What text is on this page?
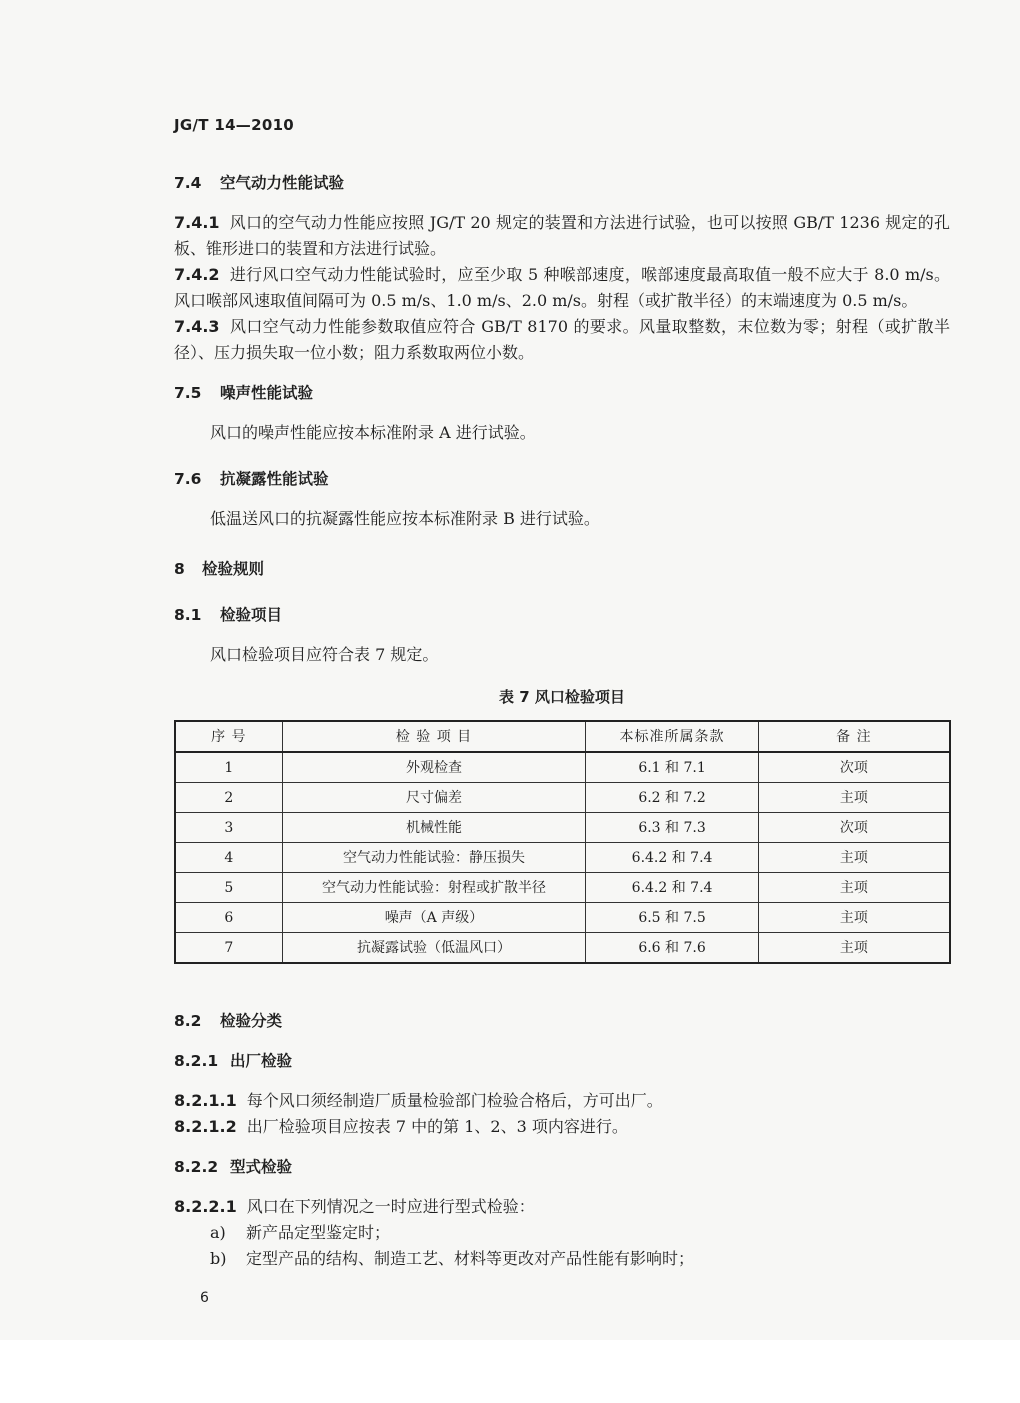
JG/T 14—2010

7.4 空气动力性能试验

7.4.1 风口的空气动力性能应按照 JG/T 20 规定的装置和方法进行试验，也可以按照 GB/T 1236 规定的孔板、锥形进口的装置和方法进行试验。

7.4.2 进行风口空气动力性能试验时，应至少取 5 种喉部速度，喉部速度最高取值一般不应大于 8.0 m/s。风口喉部风速取值间隔可为 0.5 m/s、1.0 m/s、2.0 m/s。射程（或扩散半径）的末端速度为 0.5 m/s。

7.4.3 风口空气动力性能参数取值应符合 GB/T 8170 的要求。风量取整数，末位数为零；射程（或扩散半径）、压力损失取一位小数；阻力系数取两位小数。

7.5 噪声性能试验

风口的噪声性能应按本标准附录 A 进行试验。

7.6 抗凝露性能试验

低温送风口的抗凝露性能应按本标准附录 B 进行试验。

8 检验规则

8.1 检验项目

风口检验项目应符合表 7 规定。

表 7 风口检验项目
序 号	检 验 项 目	本标准所属条款	备 注
1	外观检查	6.1 和 7.1	次项
2	尺寸偏差	6.2 和 7.2	主项
3	机械性能	6.3 和 7.3	次项
4	空气动力性能试验：静压损失	6.4.2 和 7.4	主项
5	空气动力性能试验：射程或扩散半径	6.4.2 和 7.4	主项
6	噪声（A 声级）	6.5 和 7.5	主项
7	抗凝露试验（低温风口）	6.6 和 7.6	主项

8.2 检验分类

8.2.1 出厂检验

8.2.1.1 每个风口须经制造厂质量检验部门检验合格后，方可出厂。

8.2.1.2 出厂检验项目应按表 7 中的第 1、2、3 项内容进行。

8.2.2 型式检验

8.2.2.1 风口在下列情况之一时应进行型式检验：

a) 新产品定型鉴定时；

b) 定型产品的结构、制造工艺、材料等更改对产品性能有影响时；

6
